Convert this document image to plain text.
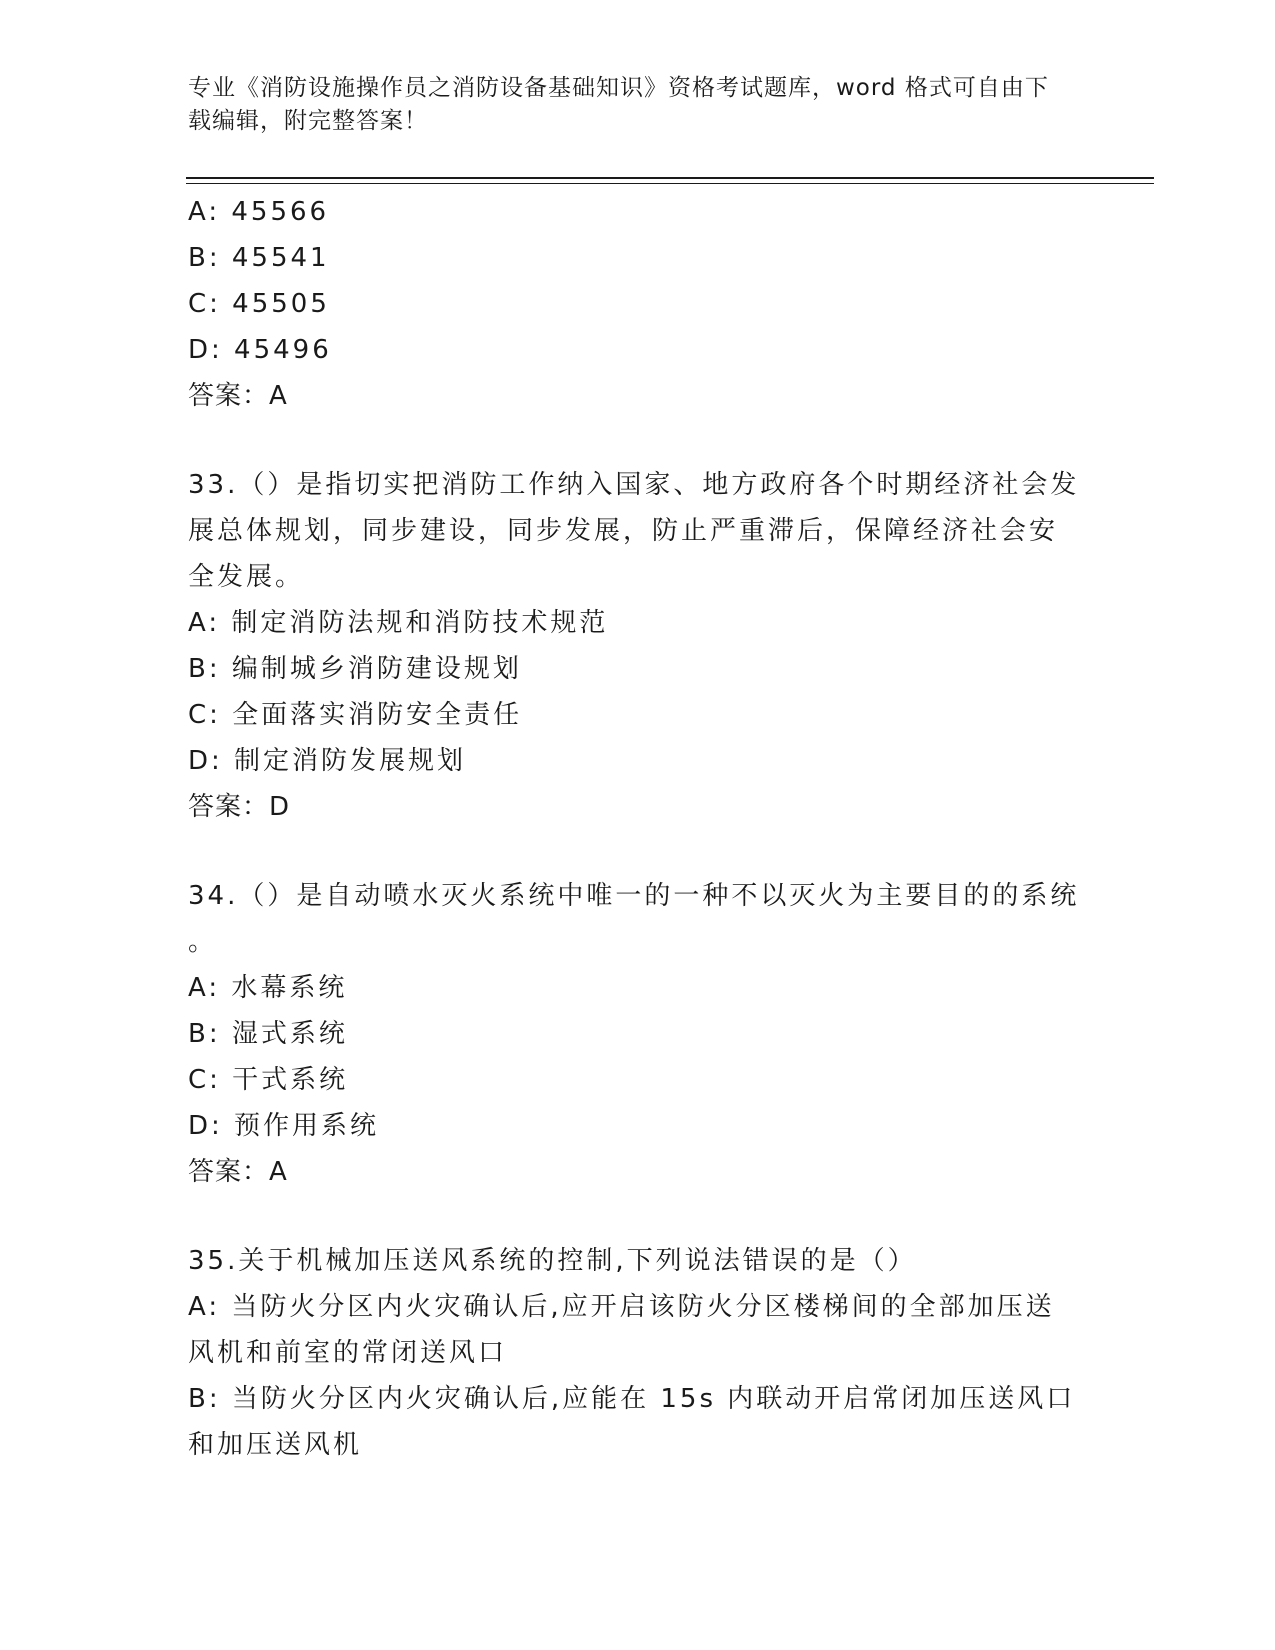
专业《消防设施操作员之消防设备基础知识》资格考试题库，word 格式可自由下
载编辑，附完整答案！
A: 45566
B: 45541
C: 45505
D: 45496
答案：A
33.（）是指切实把消防工作纳入国家、地方政府各个时期经济社会发
展总体规划，同步建设，同步发展，防止严重滞后，保障经济社会安
全发展。
A: 制定消防法规和消防技术规范
B: 编制城乡消防建设规划
C: 全面落实消防安全责任
D: 制定消防发展规划
答案：D
34.（）是自动喷水灭火系统中唯一的一种不以灭火为主要目的的系统
。
A: 水幕系统
B: 湿式系统
C: 干式系统
D: 预作用系统
答案：A
35.关于机械加压送风系统的控制,下列说法错误的是（）
A: 当防火分区内火灾确认后,应开启该防火分区楼梯间的全部加压送
风机和前室的常闭送风口
B: 当防火分区内火灾确认后,应能在 15s 内联动开启常闭加压送风口
和加压送风机
